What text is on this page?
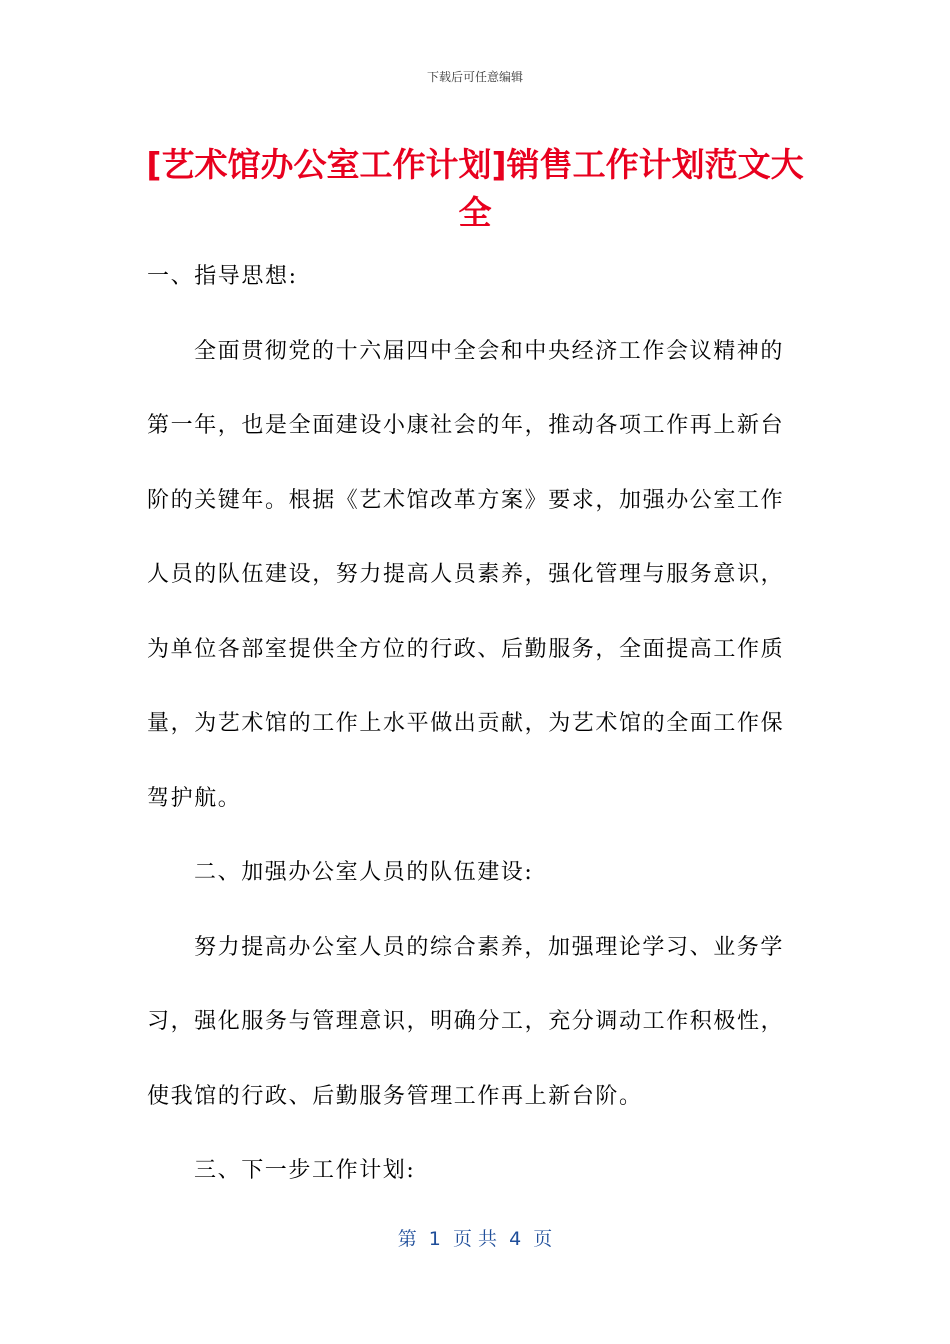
下载后可任意编辑
[艺术馆办公室工作计划]销售工作计划范文大全

一、指导思想:

全面贯彻党的十六届四中全会和中央经济工作会议精神的第一年，也是全面建设小康社会的年，推动各项工作再上新台阶的关键年。根据《艺术馆改革方案》要求，加强办公室工作人员的队伍建设，努力提高人员素养，强化管理与服务意识，为单位各部室提供全方位的行政、后勤服务，全面提高工作质量，为艺术馆的工作上水平做出贡献，为艺术馆的全面工作保驾护航。

二、加强办公室人员的队伍建设:

努力提高办公室人员的综合素养，加强理论学习、业务学习，强化服务与管理意识，明确分工，充分调动工作积极性，使我馆的行政、后勤服务管理工作再上新台阶。

三、下一步工作计划:

第  1  页 共  4  页
